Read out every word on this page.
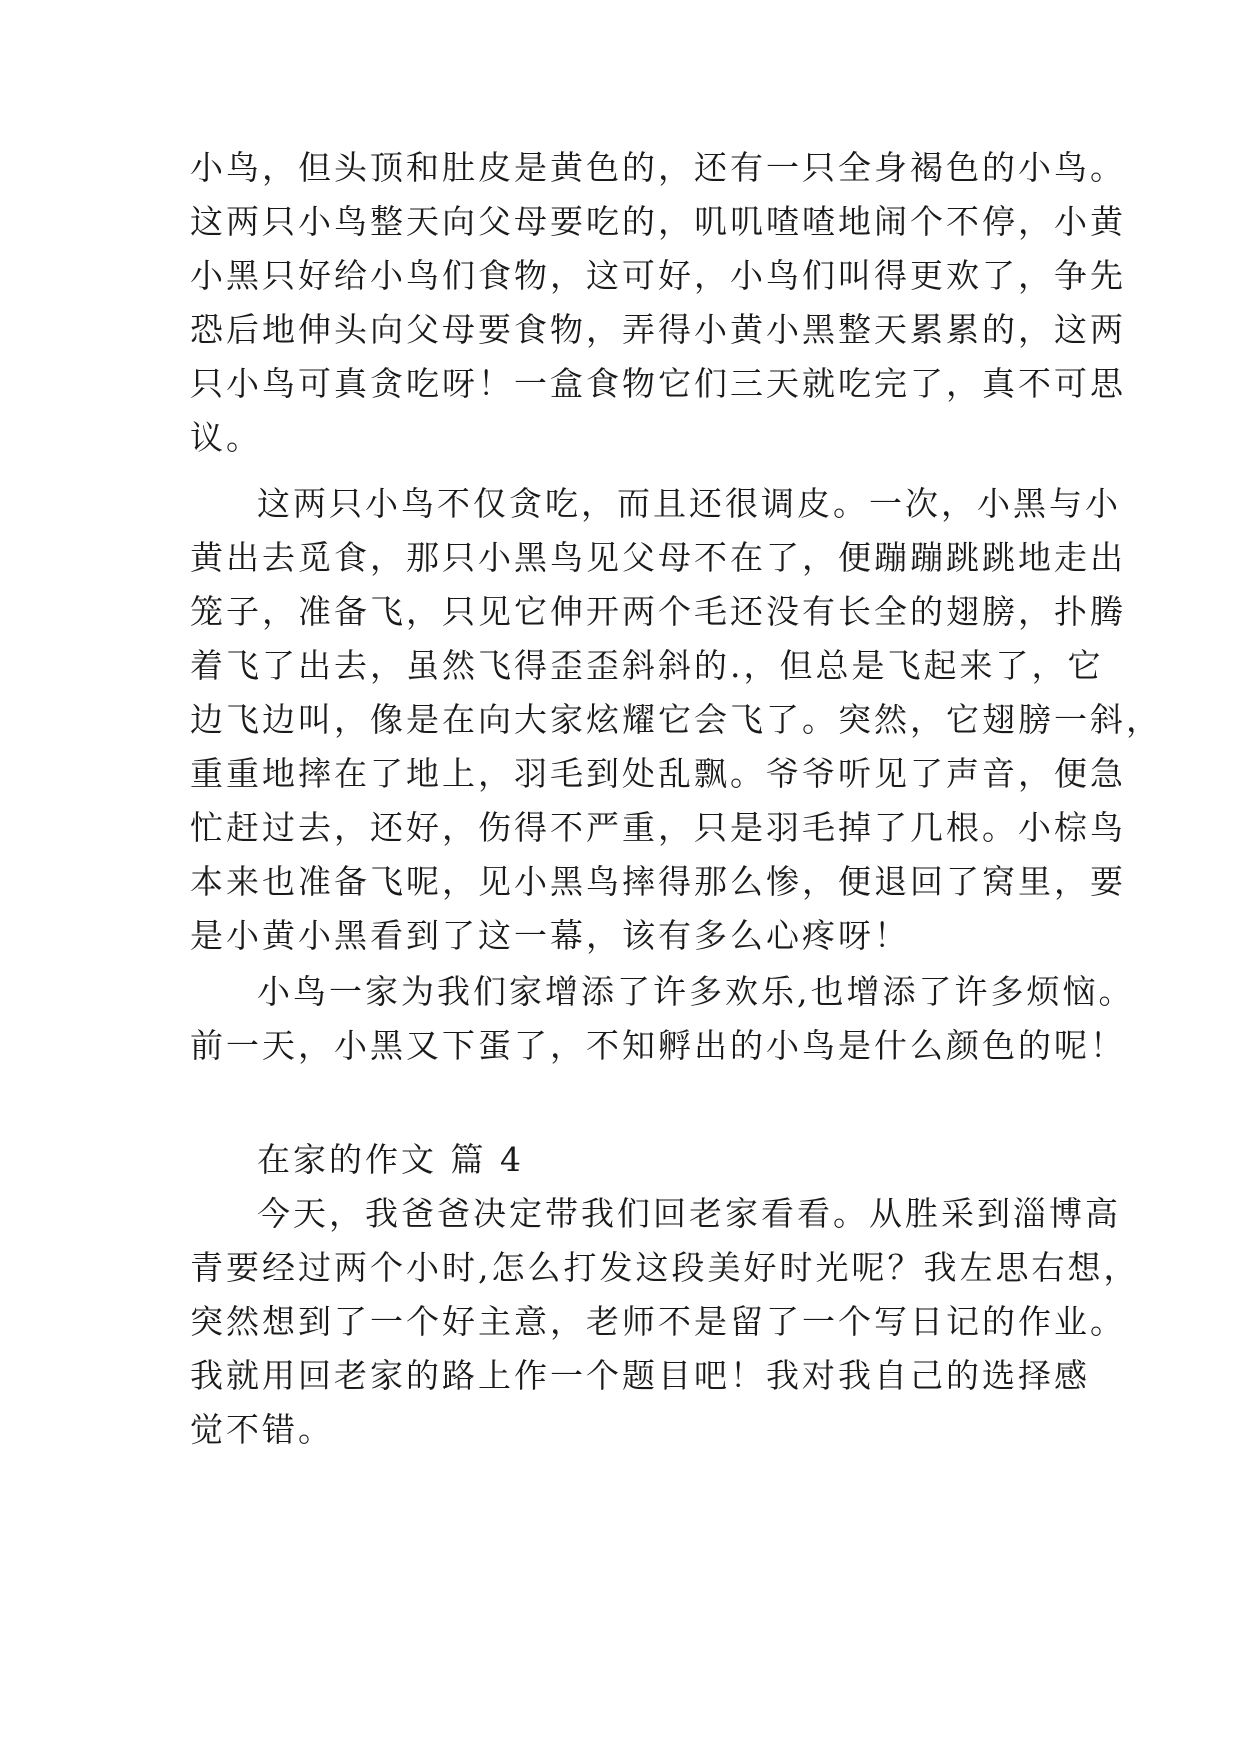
小鸟，但头顶和肚皮是黄色的，还有一只全身褐色的小鸟。
这两只小鸟整天向父母要吃的，叽叽喳喳地闹个不停，小黄
小黑只好给小鸟们食物，这可好，小鸟们叫得更欢了，争先
恐后地伸头向父母要食物，弄得小黄小黑整天累累的，这两
只小鸟可真贪吃呀！一盒食物它们三天就吃完了，真不可思
议。
这两只小鸟不仅贪吃，而且还很调皮。一次，小黑与小
黄出去觅食，那只小黑鸟见父母不在了，便蹦蹦跳跳地走出
笼子，准备飞，只见它伸开两个毛还没有长全的翅膀，扑腾
着飞了出去，虽然飞得歪歪斜斜的.，但总是飞起来了，它
边飞边叫，像是在向大家炫耀它会飞了。突然，它翅膀一斜，
重重地摔在了地上，羽毛到处乱飘。爷爷听见了声音，便急
忙赶过去，还好，伤得不严重，只是羽毛掉了几根。小棕鸟
本来也准备飞呢，见小黑鸟摔得那么惨，便退回了窝里，要
是小黄小黑看到了这一幕，该有多么心疼呀！
小鸟一家为我们家增添了许多欢乐,也增添了许多烦恼。
前一天，小黑又下蛋了，不知孵出的小鸟是什么颜色的呢！
在家的作文 篇 4
今天，我爸爸决定带我们回老家看看。从胜采到淄博高
青要经过两个小时,怎么打发这段美好时光呢？我左思右想，
突然想到了一个好主意，老师不是留了一个写日记的作业。
我就用回老家的路上作一个题目吧！我对我自己的选择感
觉不错。
